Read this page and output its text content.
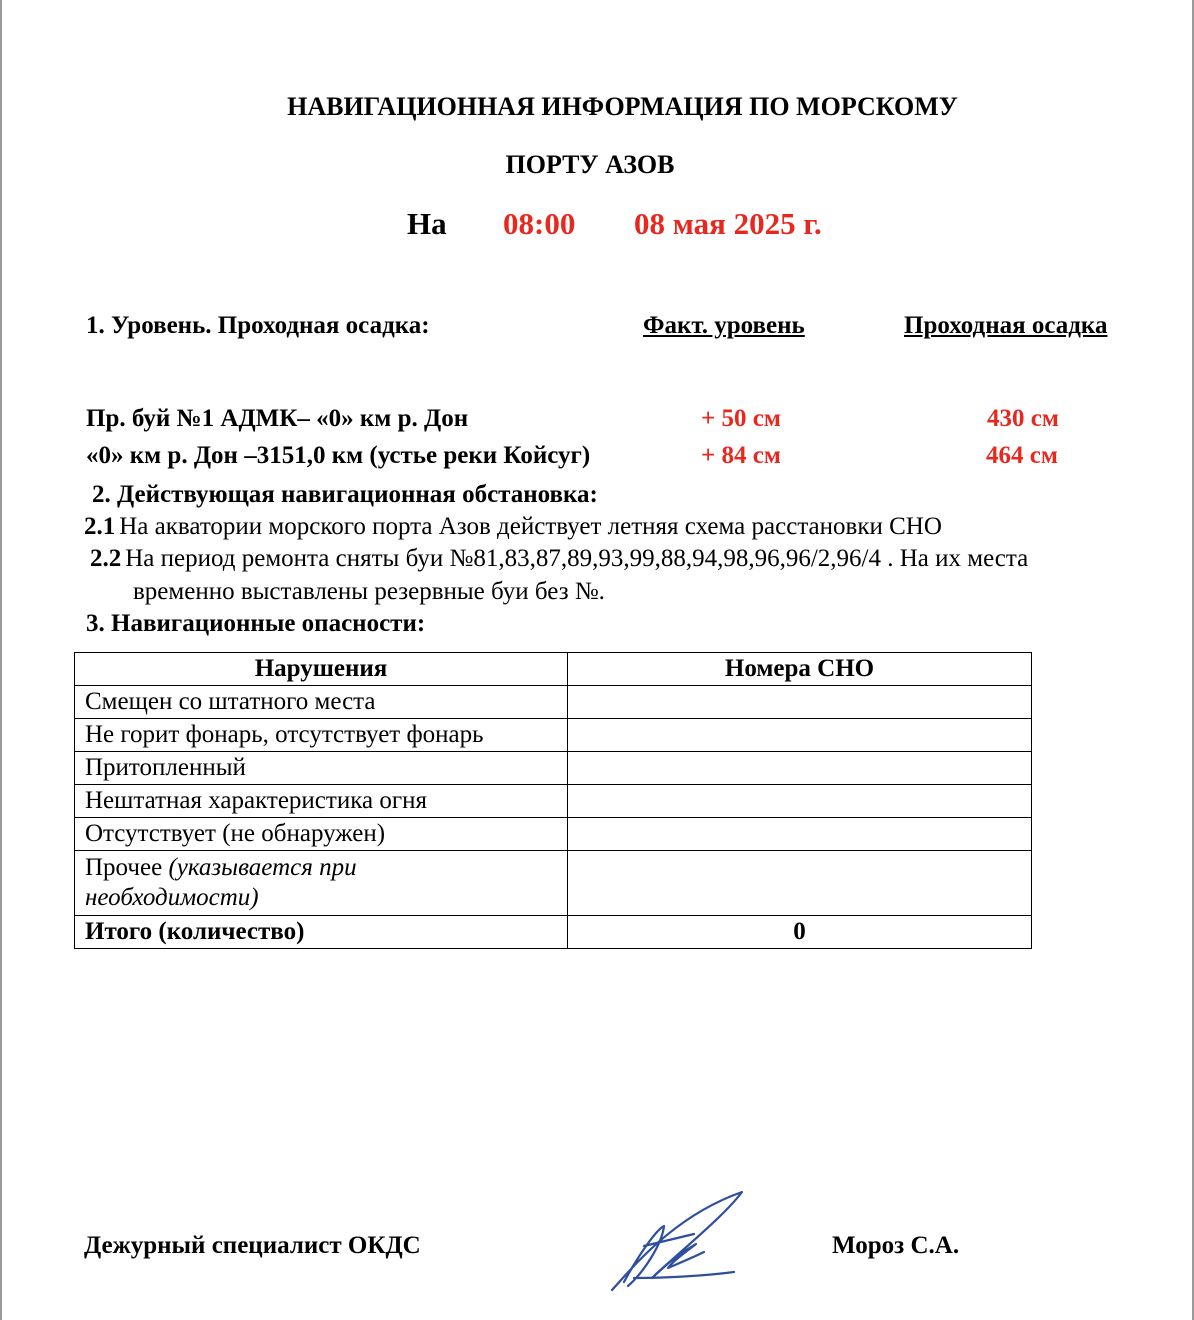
НАВИГАЦИОННАЯ ИНФОРМАЦИЯ ПО МОРСКОМУ
ПОРТУ АЗОВ
На 08:00 08 мая 2025 г.
1. Уровень. Проходная осадка:	Факт. уровень	Проходная осадка
Пр. буй №1 АДМК– «0» км р. Дон	+ 50 см	430 см
«0» км р. Дон –3151,0 км (устье реки Койсуг)	+ 84 см	464 см
2. Действующая навигационная обстановка:
2.1 На акватории морского порта Азов действует летняя схема расстановки СНО
2.2 На период ремонта сняты буи №81,83,87,89,93,99,88,94,98,96,96/2,96/4 . На их места
временно выставлены резервные буи без №.
3. Навигационные опасности:
Нарушения	Номера СНО
Смещен со штатного места	
Не горит фонарь, отсутствует фонарь	
Притопленный	
Нештатная характеристика огня	
Отсутствует (не обнаружен)	
Прочее (указывается при
необходимости)	
Итого (количество)	0
Дежурный специалист ОКДС	Мороз С.А.
